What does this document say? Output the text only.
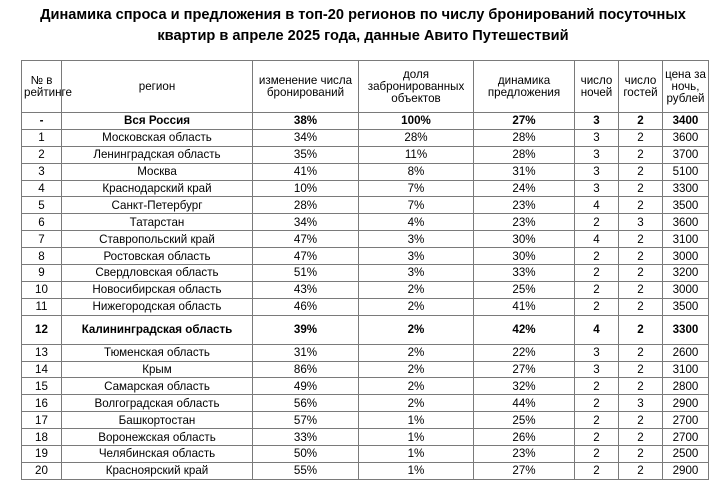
Динамика спроса и предложения в топ-20 регионов по числу бронирований посуточных
квартир в апреле 2025 года, данные Авито Путешествий
№ в рейтинге	регион	изменение числа бронирований	доля забронированных объектов	динамика предложения	число ночей	число гостей	цена за ночь, рублей
-	Вся Россия	38%	100%	27%	3	2	3400
1	Московская область	34%	28%	28%	3	2	3600
2	Ленинградская область	35%	11%	28%	3	2	3700
3	Москва	41%	8%	31%	3	2	5100
4	Краснодарский край	10%	7%	24%	3	2	3300
5	Санкт-Петербург	28%	7%	23%	4	2	3500
6	Татарстан	34%	4%	23%	2	3	3600
7	Ставропольский край	47%	3%	30%	4	2	3100
8	Ростовская область	47%	3%	30%	2	2	3000
9	Свердловская область	51%	3%	33%	2	2	3200
10	Новосибирская область	43%	2%	25%	2	2	3000
11	Нижегородская область	46%	2%	41%	2	2	3500
12	Калининградская область	39%	2%	42%	4	2	3300
13	Тюменская область	31%	2%	22%	3	2	2600
14	Крым	86%	2%	27%	3	2	3100
15	Самарская область	49%	2%	32%	2	2	2800
16	Волгоградская область	56%	2%	44%	2	3	2900
17	Башкортостан	57%	1%	25%	2	2	2700
18	Воронежская область	33%	1%	26%	2	2	2700
19	Челябинская область	50%	1%	23%	2	2	2500
20	Красноярский край	55%	1%	27%	2	2	2900
